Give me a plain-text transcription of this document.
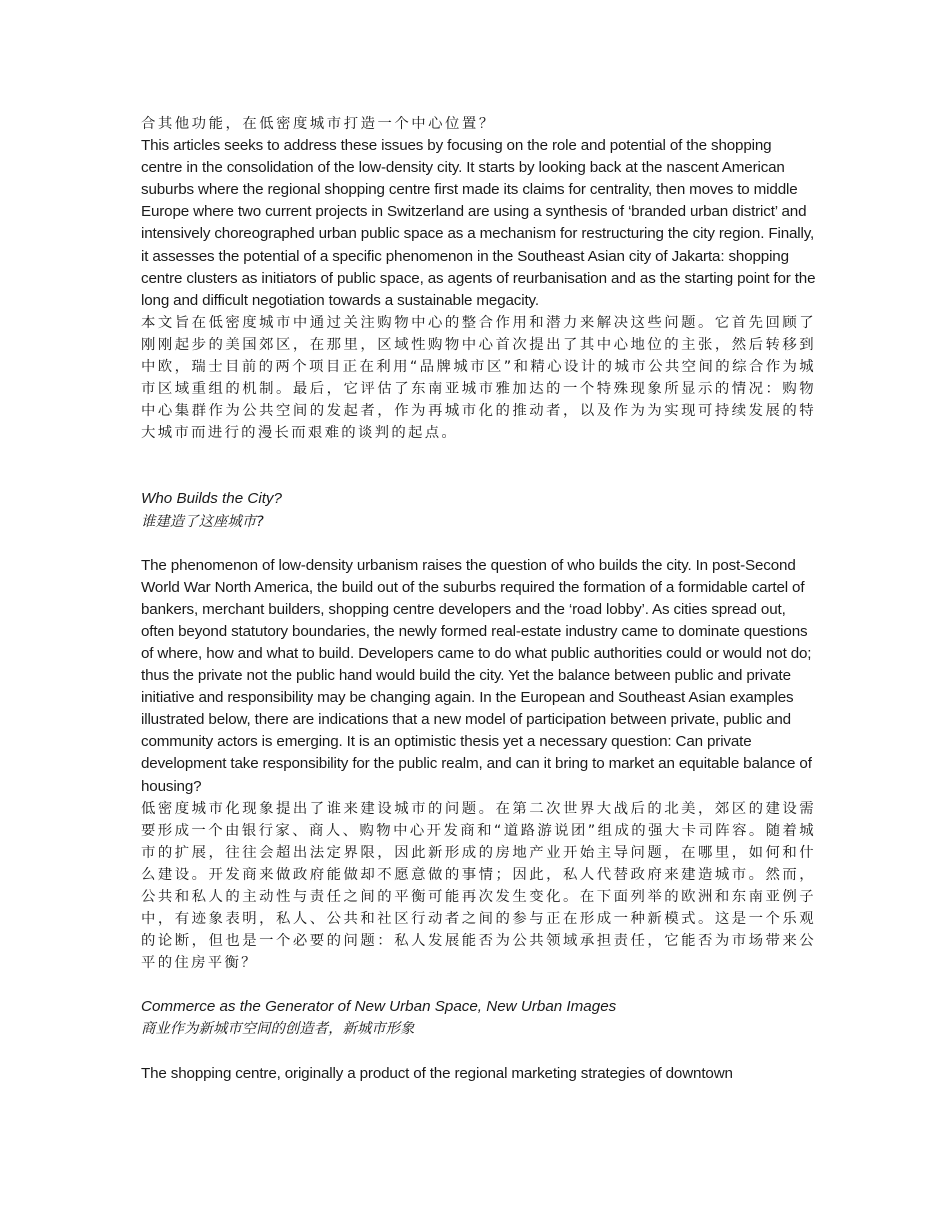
合其他功能，在低密度城市打造一个中心位置？

This articles seeks to address these issues by focusing on the role and potential of the shopping centre in the consolidation of the low-density city. It starts by looking back at the nascent American suburbs where the regional shopping centre first made its claims for centrality, then moves to middle Europe where two current projects in Switzerland are using a synthesis of ‘branded urban district’ and intensively choreographed urban public space as a mechanism for restructuring the city region. Finally, it assesses the potential of a specific phenomenon in the Southeast Asian city of Jakarta: shopping centre clusters as initiators of public space, as agents of reurbanisation and as the starting point for the long and difficult negotiation towards a sustainable megacity.

本文旨在低密度城市中通过关注购物中心的整合作用和潜力来解决这些问题。它首先回顾了刚刚起步的美国郊区，在那里，区域性购物中心首次提出了其中心地位的主张，然后转移到中欧，瑞士目前的两个项目正在利用“品牌城市区”和精心设计的城市公共空间的综合作为城市区域重组的机制。最后，它评估了东南亚城市雅加达的一个特殊现象所显示的情况：购物中心集群作为公共空间的发起者，作为再城市化的推动者，以及作为为实现可持续发展的特大城市而进行的漫长而艰难的谈判的起点。

Who Builds the City?

谁建造了这座城市?

The phenomenon of low-density urbanism raises the question of who builds the city. In post-Second World War North America, the build out of the suburbs required the formation of a formidable cartel of bankers, merchant builders, shopping centre developers and the ‘road lobby’. As cities spread out, often beyond statutory boundaries, the newly formed real-estate industry came to dominate questions of where, how and what to build. Developers came to do what public authorities could or would not do; thus the private not the public hand would build the city. Yet the balance between public and private initiative and responsibility may be changing again. In the European and Southeast Asian examples illustrated below, there are indications that a new model of participation between private, public and community actors is emerging. It is an optimistic thesis yet a necessary question: Can private development take responsibility for the public realm, and can it bring to market an equitable balance of housing?

低密度城市化现象提出了谁来建设城市的问题。在第二次世界大战后的北美，郊区的建设需要形成一个由银行家、商人、购物中心开发商和“道路游说团”组成的强大卡司阵容。随着城市的扩展，往往会超出法定界限，因此新形成的房地产业开始主导问题，在哪里，如何和什么建设。开发商来做政府能做却不愿意做的事情；因此，私人代替政府来建造城市。然而，公共和私人的主动性与责任之间的平衡可能再次发生变化。在下面列举的欧洲和东南亚例子中，有迹象表明，私人、公共和社区行动者之间的参与正在形成一种新模式。这是一个乐观的论断，但也是一个必要的问题：私人发展能否为公共领域承担责任，它能否为市场带来公平的住房平衡？

Commerce as the Generator of New Urban Space, New Urban Images

商业作为新城市空间的创造者，新城市形象

The shopping centre, originally a product of the regional marketing strategies of downtown
